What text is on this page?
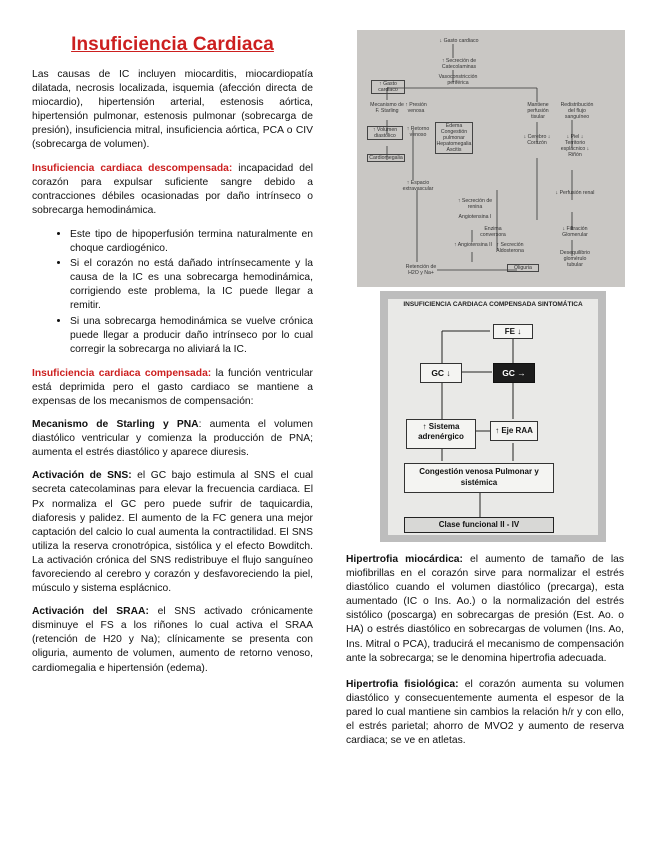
Insuficiencia Cardiaca

Las causas de IC incluyen miocarditis, miocardiopatía dilatada, necrosis localizada, isquemia (afección directa de miocardio), hipertensión arterial, estenosis aórtica, hipertensión pulmonar, estenosis pulmonar (sobrecarga de presión), insuficiencia mitral, insuficiencia aórtica, PCA o CIV (sobrecarga de volumen).

Insuficiencia cardiaca descompensada: incapacidad del corazón para expulsar suficiente sangre debido a contracciones débiles ocasionadas por daño intrínseco o sobrecarga hemodinámica.

• Este tipo de hipoperfusión termina naturalmente en choque cardiogénico.
• Si el corazón no está dañado intrínsecamente y la causa de la IC es una sobrecarga hemodinámica, corrigiendo este problema, la IC puede llegar a remitir.
• Si una sobrecarga hemodinámica se vuelve crónica puede llegar a producir daño intrínseco por lo cual corregir la sobrecarga no aliviará la IC.

Insuficiencia cardiaca compensada: la función ventricular está deprimida pero el gasto cardiaco se mantiene a expensas de los mecanismos de compensación:

Mecanismo de Starling y PNA: aumenta el volumen diastólico ventricular y comienza la producción de PNA; aumenta el estrés diastólico y aparece diuresis.

Activación de SNS: el GC bajo estimula al SNS el cual secreta catecolaminas para elevar la frecuencia cardiaca. El Px normaliza el GC pero puede sufrir de taquicardia, diaforesis y palidez. El aumento de la FC genera una mejor captación del calcio lo cual aumenta la contractilidad. El SNS utiliza la reserva cronotrópica, sistólica y el efecto Bowditch. La activación crónica del SNS redistribuye el flujo sanguíneo favoreciendo al cerebro y corazón y desfavoreciendo la piel, músculo y sistema esplácnico.

Activación del SRAA: el SNS activado crónicamente disminuye el FS a los riñones lo cual activa el SRAA (retención de H20 y Na); clínicamente se presenta con oliguria, aumento de volumen, aumento de retorno venoso, cardiomegalia e hipertensión (edema).

↓ Gasto cardiaco
↑ Secreción de Catecolaminas
Vasoconstricción periférica
↑ Gasto cardiaco
Mecanismo de F. Starling
↑ Presión venosa
↑ Volumen diastólico
↑ Retorno venoso
Edema Congestión pulmonar Hepatomegalia Ascitis
Cardiomegalia
↑ Espacio extravascular
Mantiene perfusión tisular
Redistribución del flujo sanguíneo
↓ Cerebro ↓ Corazón
↓ Piel ↓ Territorio esplácnico ↓ Riñón
↓ Perfusión renal
↑ Secreción de renina
Angiotensina I
Enzima conversora
↑ Angiotensina II ↑ Secreción Aldosterona
↓ Filtración Glomerular
Desequilibrio glomérulo tubular
Retención de H2O y Na+
Oliguria
INSUFICIENCIA CARDIACA COMPENSADA SINTOMÁTICA
FE ↓
GC ↓	GC →
↑ Sistema adrenérgico
↑ Eje RAA
Congestión venosa Pulmonar y sistémica
Clase funcional II - IV

Hipertrofia miocárdica: el aumento de tamaño de las miofibrillas en el corazón sirve para normalizar el estrés diastólico cuando el volumen diastólico (precarga), esta aumentado (IC o Ins. Ao.) o la normalización del estrés sistólico (poscarga) en sobrecargas de presión (Est. Ao. o HA) o estrés diastólico en sobrecargas de volumen (Ins. Ao, Ins. Mitral o PCA), traducirá el mecanismo de compensación ante la sobrecarga; se le denomina hipertrofia adecuada.

Hipertrofia fisiológica: el corazón aumenta su volumen diastólico y consecuentemente aumenta el espesor de la pared lo cual mantiene sin cambios la relación h/r y con ello, el estrés parietal; ahorro de MVO2 y aumento de reserva cardiaca; se ve en atletas.
